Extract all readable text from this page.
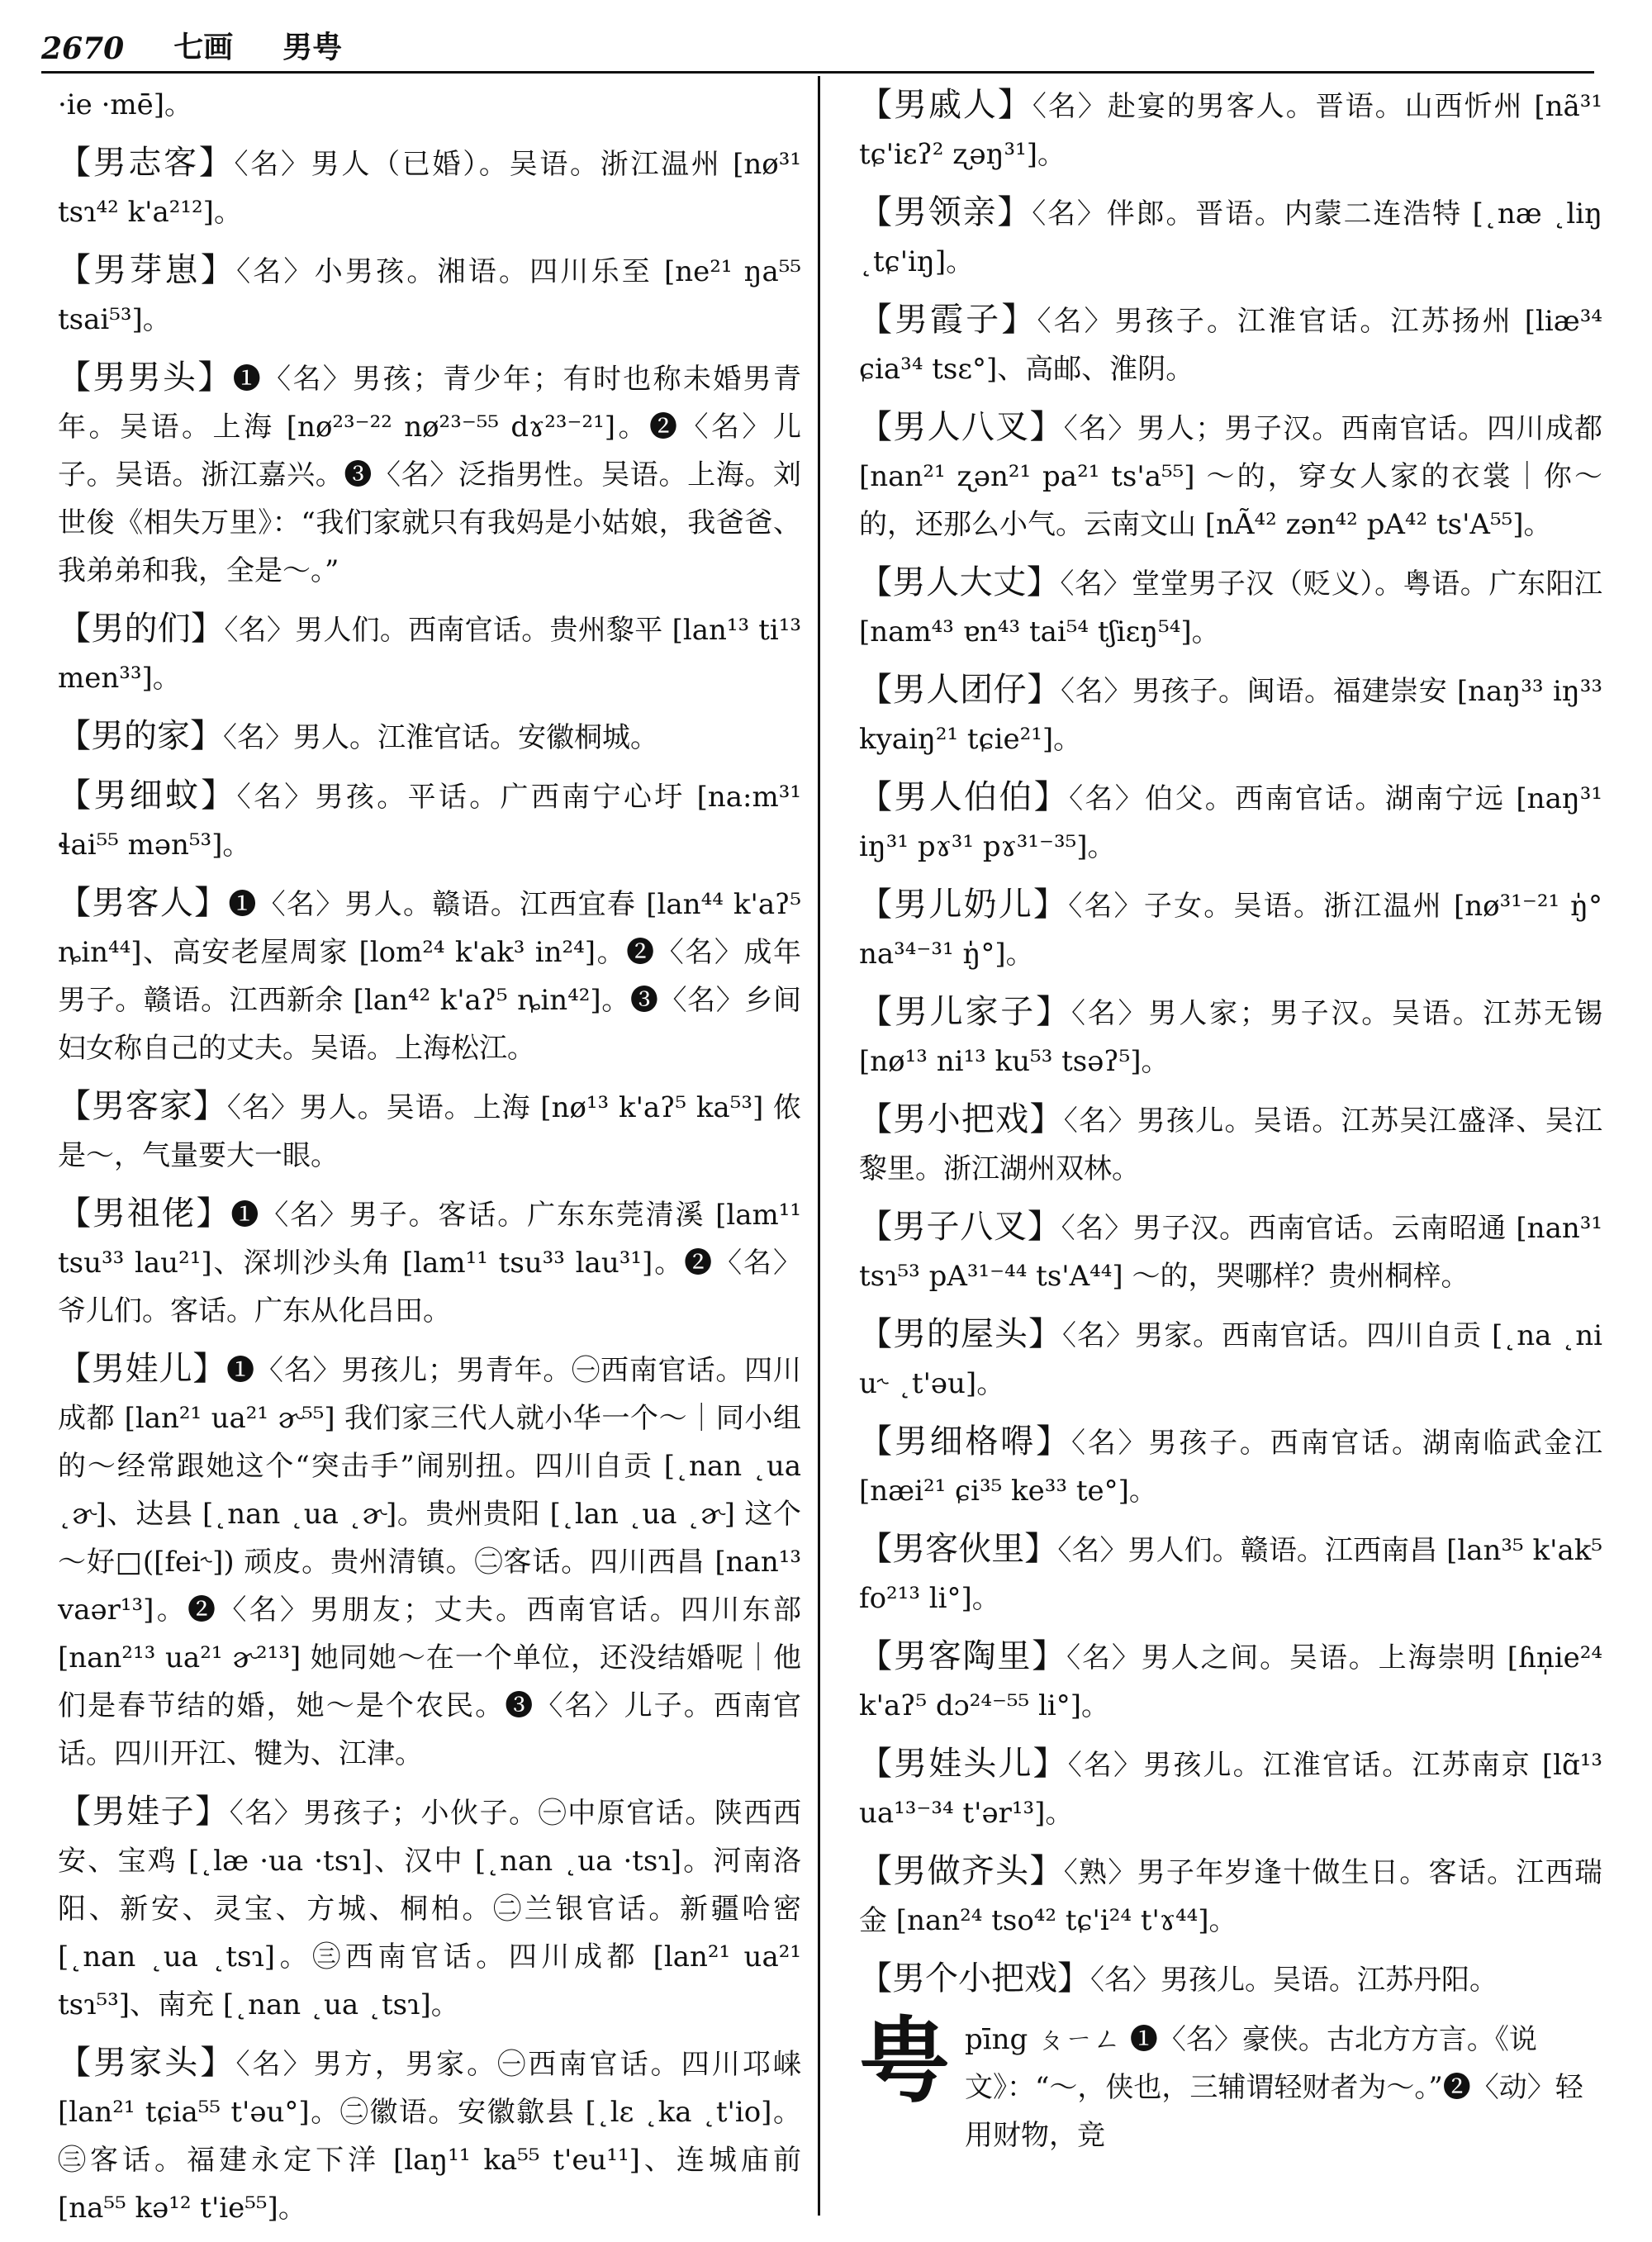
2670 七画 男甹
·ie ·mē]。
【男志客】〈名〉男人（已婚）。吴语。浙江温州 [nø³¹ tsɿ⁴² k'a²¹²]。
【男芽崽】〈名〉小男孩。湘语。四川乐至 [ne²¹ ŋa⁵⁵ tsai⁵³]。
【男男头】❶〈名〉男孩；青少年；有时也称未婚男青年。吴语。上海 [nø²³⁻²² nø²³⁻⁵⁵ dɤ²³⁻²¹]。❷〈名〉儿子。吴语。浙江嘉兴。❸〈名〉泛指男性。吴语。上海。刘世俊《相失万里》：“我们家就只有我妈是小姑娘，我爸爸、我弟弟和我，全是～。”
【男的们】〈名〉男人们。西南官话。贵州黎平 [lan¹³ ti¹³ men³³]。
【男的家】〈名〉男人。江淮官话。安徽桐城。
【男细蚊】〈名〉男孩。平话。广西南宁心圩 [na:m³¹ ɬai⁵⁵ mən⁵³]。
【男客人】❶〈名〉男人。赣语。江西宜春 [lan⁴⁴ k'aʔ⁵ ȵin⁴⁴]、高安老屋周家 [lom²⁴ k'ak³ in²⁴]。❷〈名〉成年男子。赣语。江西新余 [lan⁴² k'aʔ⁵ ȵin⁴²]。❸〈名〉乡间妇女称自己的丈夫。吴语。上海松江。
【男客家】〈名〉男人。吴语。上海 [nø¹³ k'aʔ⁵ ka⁵³] 侬是～，气量要大一眼。
【男祖佬】❶〈名〉男子。客话。广东东莞清溪 [lam¹¹ tsu³³ lau²¹]、深圳沙头角 [lam¹¹ tsu³³ lau³¹]。❷〈名〉爷儿们。客话。广东从化吕田。
【男娃儿】❶〈名〉男孩儿；男青年。㊀西南官话。四川成都 [lan²¹ ua²¹ ɚ⁵⁵] 我们家三代人就小华一个～｜同小组的～经常跟她这个“突击手”闹别扭。四川自贡 [˛nan ˛ua ˛ɚ]、达县 [˛nan ˛ua ˛ɚ]。贵州贵阳 [˛lan ˛ua ˛ɚ] 这个～好□([fei˞]) 顽皮。贵州清镇。㊁客话。四川西昌 [nan¹³ vaər¹³]。❷〈名〉男朋友；丈夫。西南官话。四川东部 [nan²¹³ ua²¹ ɚ²¹³] 她同她～在一个单位，还没结婚呢｜他们是春节结的婚，她～是个农民。❸〈名〉儿子。西南官话。四川开江、犍为、江津。
【男娃子】〈名〉男孩子；小伙子。㊀中原官话。陕西西安、宝鸡 [˛læ ·ua ·tsɿ]、汉中 [˛nan ˛ua ·tsɿ]。河南洛阳、新安、灵宝、方城、桐柏。㊁兰银官话。新疆哈密 [˛nan ˛ua ˛tsɿ]。㊂西南官话。四川成都 [lan²¹ ua²¹ tsɿ⁵³]、南充 [˛nan ˛ua ˛tsɿ]。
【男家头】〈名〉男方，男家。㊀西南官话。四川邛崃 [lan²¹ tɕia⁵⁵ t'əu°]。㊁徽语。安徽歙县 [˛lɛ ˛ka ˛t'io]。㊂客话。福建永定下洋 [laŋ¹¹ ka⁵⁵ t'eu¹¹]、连城庙前 [na⁵⁵ kə¹² t'ie⁵⁵]。
【男戚人】〈名〉赴宴的男客人。晋语。山西忻州 [nã³¹ tɕ'iɛʔ² ʐəŋ³¹]。
【男领亲】〈名〉伴郎。晋语。内蒙二连浩特 [˛næ ˛liŋ ˛tɕ'iŋ]。
【男霞子】〈名〉男孩子。江淮官话。江苏扬州 [liæ³⁴ ɕia³⁴ tsɛ°]、高邮、淮阴。
【男人八叉】〈名〉男人；男子汉。西南官话。四川成都 [nan²¹ ʐən²¹ pa²¹ ts'a⁵⁵] ～的，穿女人家的衣裳｜你～的，还那么小气。云南文山 [nÃ⁴² zən⁴² pA⁴² ts'A⁵⁵]。
【男人大丈】〈名〉堂堂男子汉（贬义）。粤语。广东阳江 [nam⁴³ ɐn⁴³ tai⁵⁴ tʃiɛŋ⁵⁴]。
【男人团仔】〈名〉男孩子。闽语。福建崇安 [naŋ³³ iŋ³³ kyaiŋ²¹ tɕie²¹]。
【男人伯伯】〈名〉伯父。西南官话。湖南宁远 [naŋ³¹ iŋ³¹ pɤ³¹ pɤ³¹⁻³⁵]。
【男儿奶儿】〈名〉子女。吴语。浙江温州 [nø³¹⁻²¹ ŋ̍° na³⁴⁻³¹ ŋ̍°]。
【男儿家子】〈名〉男人家；男子汉。吴语。江苏无锡 [nø¹³ ni¹³ ku⁵³ tsəʔ⁵]。
【男小把戏】〈名〉男孩儿。吴语。江苏吴江盛泽、吴江黎里。浙江湖州双林。
【男子八叉】〈名〉男子汉。西南官话。云南昭通 [nan³¹ tsɿ⁵³ pA³¹⁻⁴⁴ ts'A⁴⁴] ～的，哭哪样？贵州桐梓。
【男的屋头】〈名〉男家。西南官话。四川自贡 [˛na ˛ni u˞ ˛t'əu]。
【男细格嘚】〈名〉男孩子。西南官话。湖南临武金江 [næi²¹ ɕi³⁵ ke³³ te°]。
【男客伙里】〈名〉男人们。赣语。江西南昌 [lan³⁵ k'ak⁵ fo²¹³ li°]。
【男客陶里】〈名〉男人之间。吴语。上海崇明 [ɦn̩ie²⁴ k'aʔ⁵ dɔ²⁴⁻⁵⁵ li°]。
【男娃头儿】〈名〉男孩儿。江淮官话。江苏南京 [lɑ̃¹³ ua¹³⁻³⁴ t'ər¹³]。
【男做齐头】〈熟〉男子年岁逢十做生日。客话。江西瑞金 [nan²⁴ tso⁴² tɕ'i²⁴ t'ɤ⁴⁴]。
【男个小把戏】〈名〉男孩儿。吴语。江苏丹阳。
甹 pīng ㄆㄧㄥ ❶〈名〉豪侠。古北方方言。《说文》：“～，侠也，三辅谓轻财者为～。”❷〈动〉轻用财物，竞
